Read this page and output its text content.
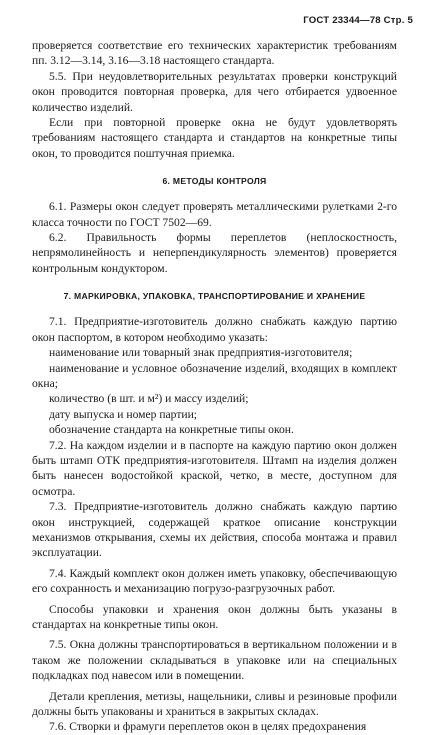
ГОСТ 23344—78 Стр. 5

проверяется соответствие его технических характеристик требованиям пп. 3.12—3.14, 3.16—3.18 настоящего стандарта.

5.5. При неудовлетворительных результатах проверки конструкций окон проводится повторная проверка, для чего отбирается удвоенное количество изделий.

Если при повторной проверке окна не будут удовлетворять требованиям настоящего стандарта и стандартов на конкретные типы окон, то проводится поштучная приемка.

6. МЕТОДЫ КОНТРОЛЯ

6.1. Размеры окон следует проверять металлическими рулетками 2-го класса точности по ГОСТ 7502—69.

6.2. Правильность формы переплетов (неплоскостность, непрямолинейность и неперпендикулярность элементов) проверяется контрольным кондуктором.

7. МАРКИРОВКА, УПАКОВКА, ТРАНСПОРТИРОВАНИЕ И ХРАНЕНИЕ

7.1. Предприятие-изготовитель должно снабжать каждую партию окон паспортом, в котором необходимо указать:

наименование или товарный знак предприятия-изготовителя;

наименование и условное обозначение изделий, входящих в комплект окна;

количество (в шт. и м²) и массу изделий;

дату выпуска и номер партии;

обозначение стандарта на конкретные типы окон.

7.2. На каждом изделии и в паспорте на каждую партию окон должен быть штамп ОТК предприятия-изготовителя. Штамп на изделия должен быть нанесен водостойкой краской, четко, в месте, доступном для осмотра.

7.3. Предприятие-изготовитель должно снабжать каждую партию окон инструкцией, содержащей краткое описание конструкции механизмов открывания, схемы их действия, способа монтажа и правил эксплуатации.

7.4. Каждый комплект окон должен иметь упаковку, обеспечивающую его сохранность и механизацию погрузо-разгрузочных работ.

Способы упаковки и хранения окон должны быть указаны в стандартах на конкретные типы окон.

7.5. Окна должны транспортироваться в вертикальном положении и в таком же положении складываться в упаковке или на специальных подкладках под навесом или в помещении.

Детали крепления, метизы, нащельники, сливы и резиновые профили должны быть упакованы и храниться в закрытых складах.

7.6. Створки и фрамуги переплетов окон в целях предохранения
